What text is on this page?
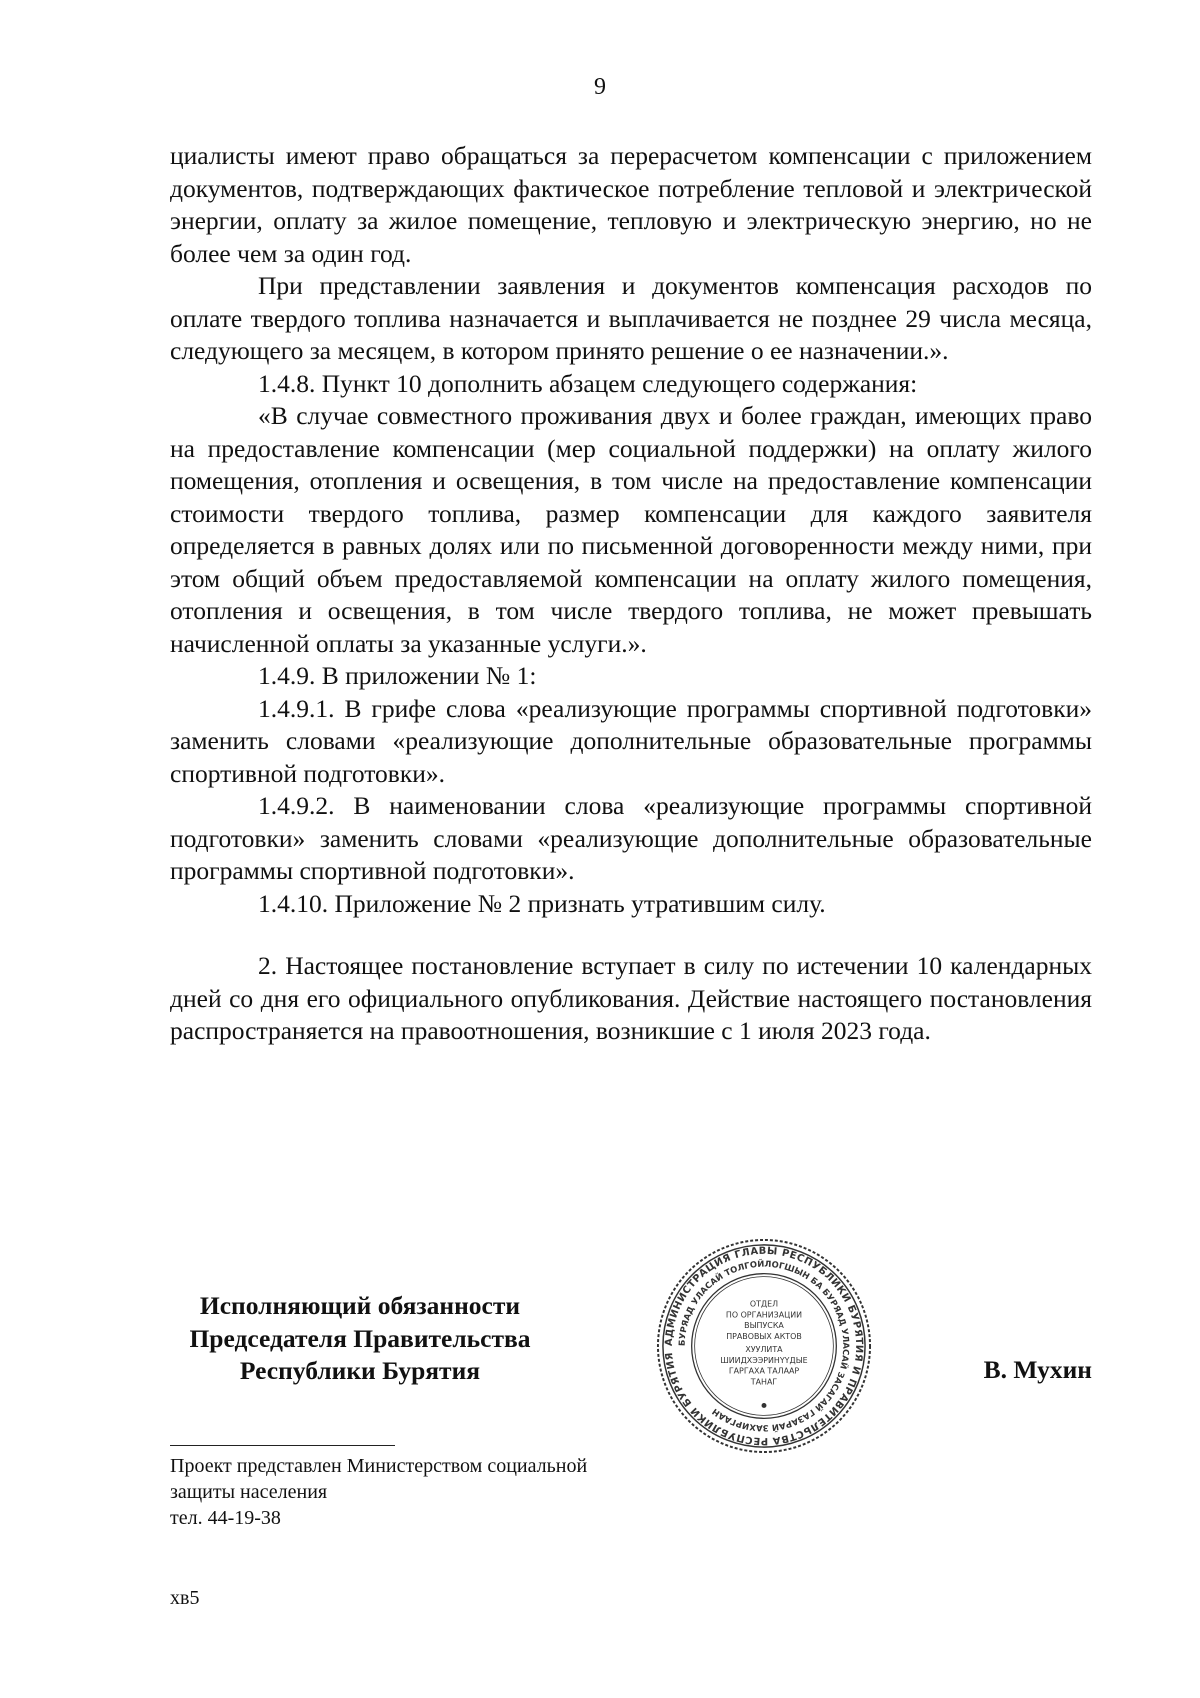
9

циалисты имеют право обращаться за перерасчетом компенсации с приложением документов, подтверждающих фактическое потребление тепловой и электрической энергии, оплату за жилое помещение, тепловую и электрическую энергию, но не более чем за один год.

При представлении заявления и документов компенсация расходов по оплате твердого топлива назначается и выплачивается не позднее 29 числа месяца, следующего за месяцем, в котором принято решение о ее назначении.».

1.4.8. Пункт 10 дополнить абзацем следующего содержания:

«В случае совместного проживания двух и более граждан, имеющих право на предоставление компенсации (мер социальной поддержки) на оплату жилого помещения, отопления и освещения, в том числе на предоставление компенсации стоимости твердого топлива, размер компенсации для каждого заявителя определяется в равных долях или по письменной договоренности между ними, при этом общий объем предоставляемой компенсации на оплату жилого помещения, отопления и освещения, в том числе твердого топлива, не может превышать начисленной оплаты за указанные услуги.».

1.4.9. В приложении № 1:

1.4.9.1. В грифе слова «реализующие программы спортивной подготовки» заменить словами «реализующие дополнительные образовательные программы спортивной подготовки».

1.4.9.2. В наименовании слова «реализующие программы спортивной подготовки» заменить словами «реализующие дополнительные образовательные программы спортивной подготовки».

1.4.10. Приложение № 2 признать утратившим силу.

2. Настоящее постановление вступает в силу по истечении 10 календарных дней со дня его официального опубликования. Действие настоящего постановления распространяется на правоотношения, возникшие с 1 июля 2023 года.

Исполняющий обязанности
Председателя Правительства
Республики Бурятия
АДМИНИСТРАЦИЯ ГЛАВЫ РЕСПУБЛИКИ БУРЯТИЯ И ПРАВИТЕЛЬСТВА РЕСПУБЛИКИ БУРЯТИЯ
БУРЯАД УЛАСАЙ ТОЛГОЙЛОГШЫН БА БУРЯАД УЛАСАЙ ЗАСАГАЙ ГАЗАРАЙ ЗАХИРГААН
ОТДЕЛ
ПО ОРГАНИЗАЦИИ
ВЫПУСКА
ПРАВОВЫХ АКТОВ
ХУУЛИТА
ШИИДХЭЭРИНҮҮДЫЕ
ГАРГАХА ТАЛААР
ТАНАГ	В. Мухин
Проект представлен Министерством социальной
защиты населения
тел. 44-19-38
хв5
